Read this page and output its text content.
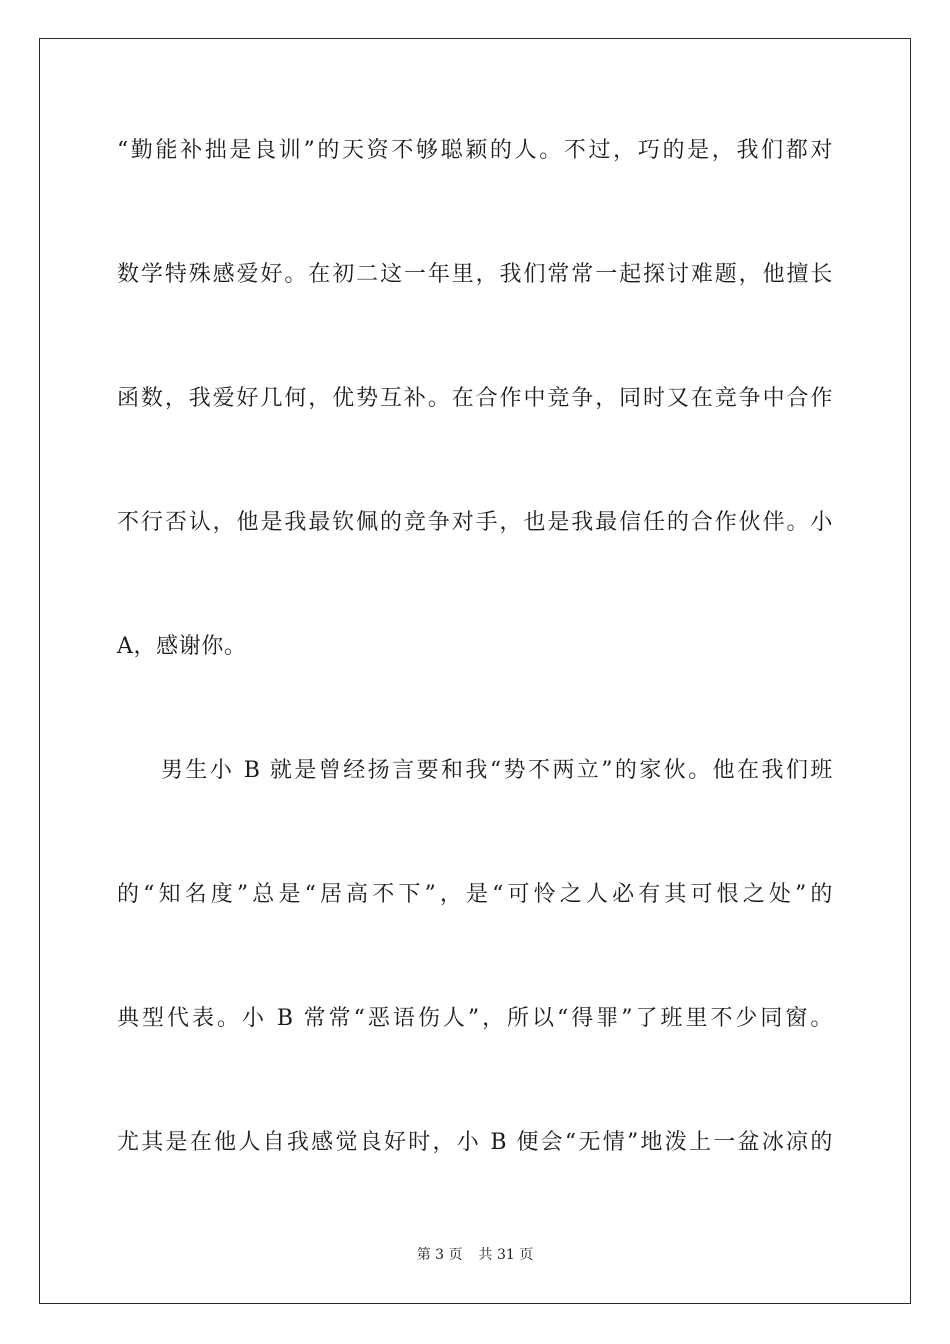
“勤能补拙是良训”的天资不够聪颖的人。不过，巧的是，我们都对
数学特殊感爱好。在初二这一年里，我们常常一起探讨难题，他擅长
函数，我爱好几何，优势互补。在合作中竞争，同时又在竞争中合作
不行否认，他是我最钦佩的竞争对手，也是我最信任的合作伙伴。小
A，感谢你。
男生小 B 就是曾经扬言要和我“势不两立”的家伙。他在我们班
的“知名度”总是“居高不下”，是“可怜之人必有其可恨之处”的
典型代表。小 B 常常“恶语伤人”，所以“得罪”了班里不少同窗。
尤其是在他人自我感觉良好时，小 B 便会“无情”地泼上一盆冰凉的
第 3 页 共 31 页
